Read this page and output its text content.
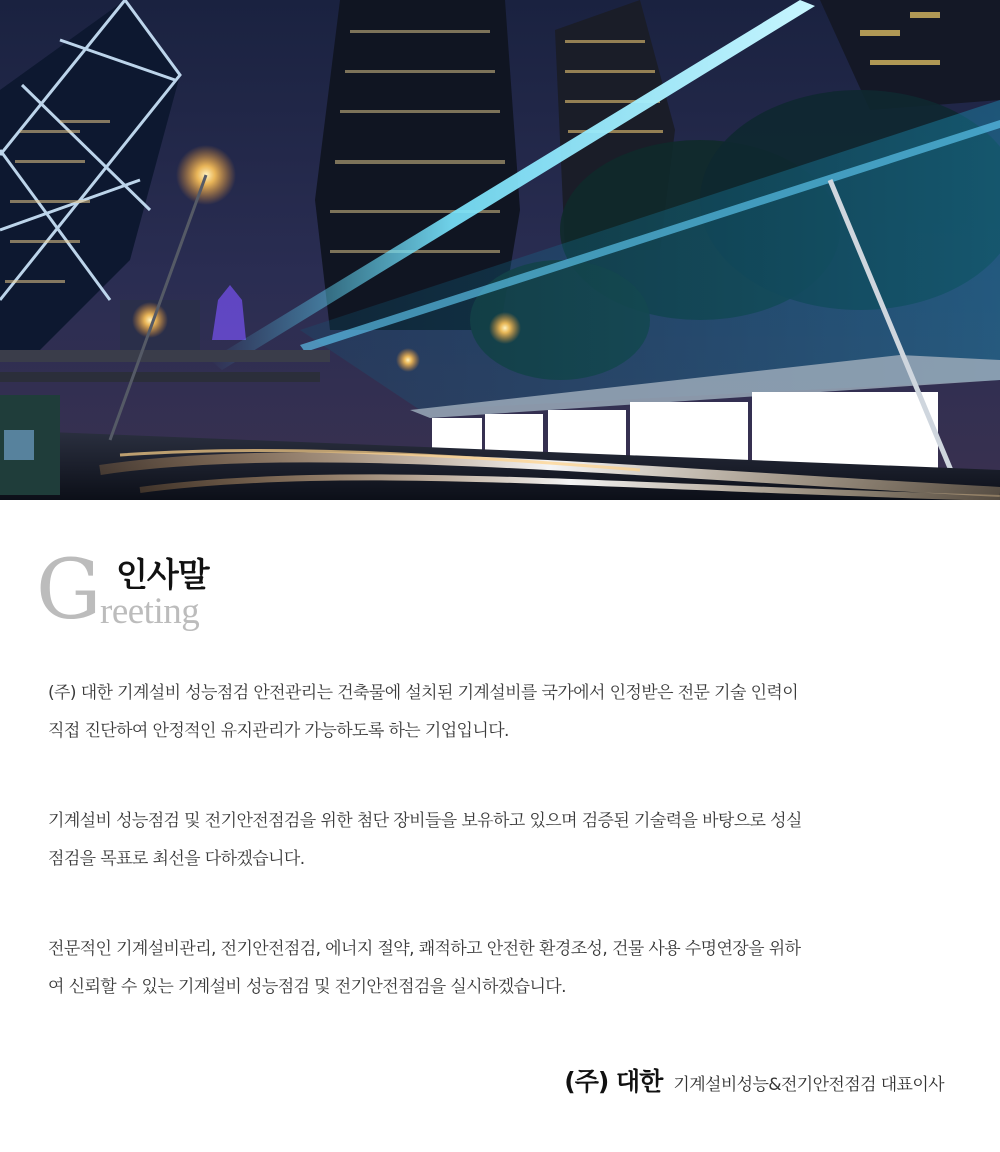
G
reeting
인사말

(주) 대한 기계설비 성능점검 안전관리는 건축물에 설치된 기계설비를 국가에서 인정받은 전문 기술 인력이
직접 진단하여 안정적인 유지관리가 가능하도록 하는 기업입니다.

기계설비 성능점검 및 전기안전점검을 위한 첨단 장비들을 보유하고 있으며 검증된 기술력을 바탕으로 성실
점검을 목표로 최선을 다하겠습니다.

전문적인 기계설비관리, 전기안전점검, 에너지 절약, 쾌적하고 안전한 환경조성, 건물 사용 수명연장을 위하
여 신뢰할 수 있는 기계설비 성능점검 및 전기안전점검을 실시하겠습니다.

(주) 대한 기계설비성능&전기안전점검 대표이사
